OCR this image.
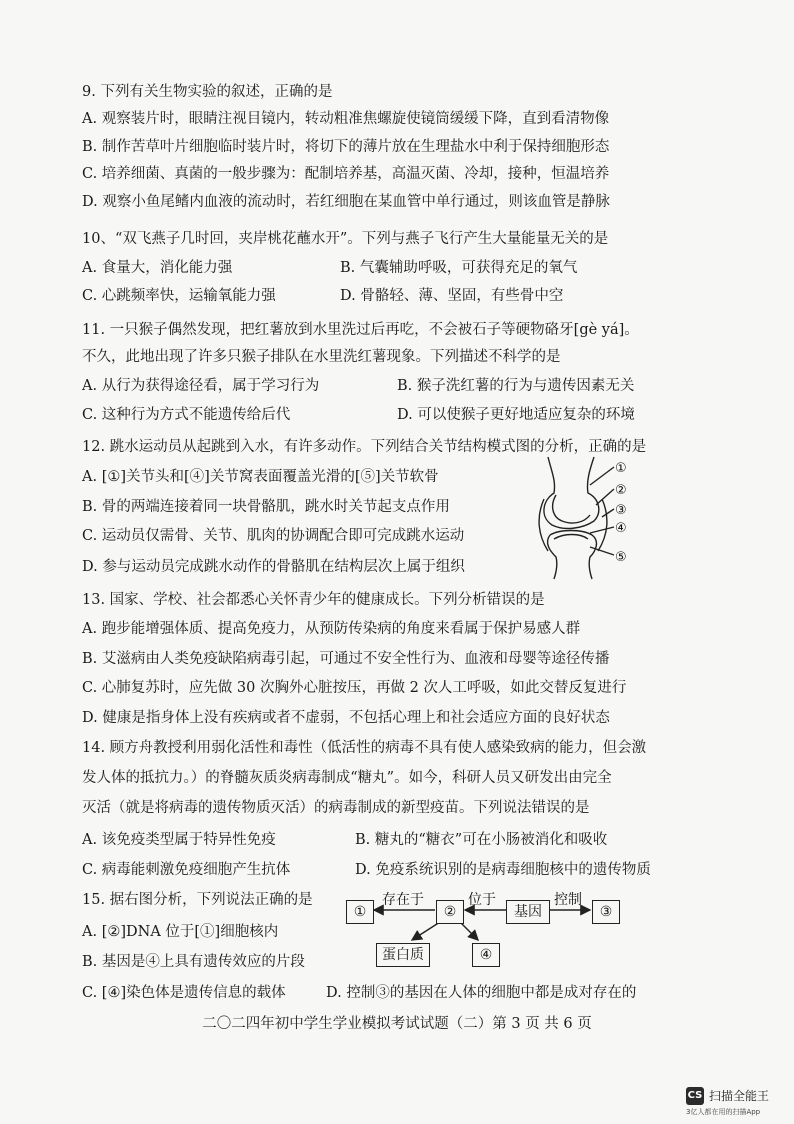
9. 下列有关生物实验的叙述，正确的是
A. 观察装片时，眼睛注视目镜内，转动粗准焦螺旋使镜筒缓缓下降，直到看清物像
B. 制作苦草叶片细胞临时装片时，将切下的薄片放在生理盐水中利于保持细胞形态
C. 培养细菌、真菌的一般步骤为：配制培养基，高温灭菌、冷却，接种，恒温培养
D. 观察小鱼尾鳍内血液的流动时，若红细胞在某血管中单行通过，则该血管是静脉
10、“双飞燕子几时回，夹岸桃花蘸水开”。下列与燕子飞行产生大量能量无关的是
A. 食量大，消化能力强	B. 气囊辅助呼吸，可获得充足的氧气
C. 心跳频率快，运输氧能力强	D. 骨骼轻、薄、坚固，有些骨中空
11. 一只猴子偶然发现，把红薯放到水里洗过后再吃，不会被石子等硬物硌牙[gè yá]。
不久，此地出现了许多只猴子排队在水里洗红薯现象。下列描述不科学的是
A. 从行为获得途径看，属于学习行为	B. 猴子洗红薯的行为与遗传因素无关
C. 这种行为方式不能遗传给后代	D. 可以使猴子更好地适应复杂的环境
12. 跳水运动员从起跳到入水，有许多动作。下列结合关节结构模式图的分析，正确的是
A. [①]关节头和[④]关节窝表面覆盖光滑的[⑤]关节软骨
B. 骨的两端连接着同一块骨骼肌，跳水时关节起支点作用
C. 运动员仅需骨、关节、肌肉的协调配合即可完成跳水运动
D. 参与运动员完成跳水动作的骨骼肌在结构层次上属于组织
①
②
③
④
⑤
13. 国家、学校、社会都悉心关怀青少年的健康成长。下列分析错误的是
A. 跑步能增强体质、提高免疫力，从预防传染病的角度来看属于保护易感人群
B. 艾滋病由人类免疫缺陷病毒引起，可通过不安全性行为、血液和母婴等途径传播
C. 心肺复苏时，应先做 30 次胸外心脏按压，再做 2 次人工呼吸，如此交替反复进行
D. 健康是指身体上没有疾病或者不虚弱，不包括心理上和社会适应方面的良好状态
14. 顾方舟教授利用弱化活性和毒性（低活性的病毒不具有使人感染致病的能力，但会激
发人体的抵抗力。）的脊髓灰质炎病毒制成“糖丸”。如今，科研人员又研发出由完全
灭活（就是将病毒的遗传物质灭活）的病毒制成的新型疫苗。下列说法错误的是
A. 该免疫类型属于特异性免疫	B. 糖丸的“糖衣”可在小肠被消化和吸收
C. 病毒能刺激免疫细胞产生抗体	D. 免疫系统识别的是病毒细胞核中的遗传物质
15. 据右图分析，下列说法正确的是
A. [②]DNA 位于[①]细胞核内
B. 基因是④上具有遗传效应的片段
C. [④]染色体是遗传信息的载体	D. 控制③的基因在人体的细胞中都是成对存在的
存在于	位于	控制
①	②	基因	③
蛋白质	④
二〇二四年初中学生学业模拟考试试题（二）第 3 页 共 6 页
CS 扫描全能王
3亿人都在用的扫描App
